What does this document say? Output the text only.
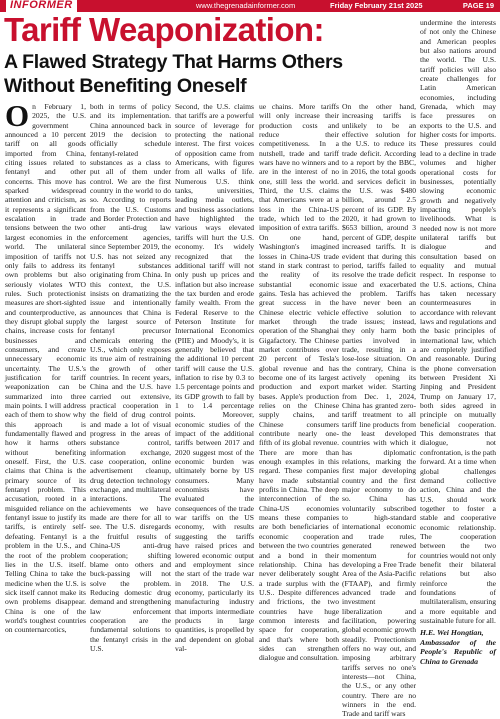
INFORMER	www.thegrenadainformer.com	Friday February 21st 2025	PAGE 19
Tariff Weaponization:
A Flawed Strategy That Harms Others Without Benefiting Oneself

On February 1, 2025, the U.S. government announced a 10 percent tariff on all goods imported from China, citing issues related to fentanyl and other concerns. This move has sparked widespread attention and criticism, as it represents a significant escalation in trade tensions between the two largest economies in the world. The unilateral imposition of tariffs not only fails to address its own problems but also seriously violates WTO rules. Such protectionist measures are short-sighted and counterproductive, as they disrupt global supply chains, increase costs for businesses and consumers, and create unnecessary economic uncertainty. The U.S.'s justification for tariff weaponization can be summarized into three main points. I will address each of them to show why this approach is fundamentally flawed and how it harms others without benefiting oneself. First, the U.S. claims that China is the primary source of its fentanyl problem. This accusation, rooted in a misguided reliance on the fentanyl issue to justify its tariffs, is entirely self-defeating. Fentanyl is a problem in the U.S., and the root of the problem lies in the U.S. itself. Telling China to take the medicine when the U.S. is sick itself cannot make its own problems disappear. China is one of the world's toughest countries on counternarcotics,

both in terms of policy and its implementation. China announced back in 2019 the decision to officially schedule fentanyl-related substances as a class to put all of them under control. We are the first country in the world to do so. According to reports from the U.S. Customs and Border Protection and other anti-drug law enforcement agencies, since September 2019, the U.S. has not seized any fentanyl substances originating from China. In this context, the U.S. insists on dramatizing the issue and intentionally announces that China is the largest source of fentanyl precursor chemicals entering the U.S., which only exposes its true aim of restraining the growth of other countries. In recent years, China and the U.S. have carried out extensive, practical cooperation in the field of drug control and made a lot of visual progress in the areas of substance control, information exchange, case cooperation, online advertisement cleanup, drug detection technology exchange, and multilateral interactions. The achievements we have made are there for all to see. The U.S. disregards the fruitful results of China-US anti-drug cooperation; shifting blame onto others and buck-passing will not solve the problem. Reducing domestic drug demand and strengthening law enforcement cooperation are the fundamental solutions to the fentanyl crisis in the U.S.

Second, the U.S. claims that tariffs are a powerful source of leverage for protecting the national interest. The first voices of opposition came from Americans, with figures from all walks of life. Numerous U.S. think tanks, universities, leading media outlets, and business associations have highlighted the various ways elevated tariffs will hurt the U.S. economy. It's widely recognized that the additional tariff will not only push up prices and inflation but also increase the tax burden and erode family wealth. From the Federal Reserve to the Peterson Institute for International Economics (PIIE) and Moody's, it is generally believed that the additional 10 percent tariff will cause the U.S. inflation to rise by 0.3 to 1.5 percentage points and its GDP growth to fall by 1 to 1.4 percentage points. Moreover, economic studies of the impact of the additional tariffs between 2017 and 2020 suggest most of the economic burden was ultimately borne by US consumers. Many economists have evaluated the consequences of the trade war tariffs on the US economy, with results suggesting the tariffs have raised prices and lowered economic output and employment since the start of the trade war in 2018. The U.S. economy, particularly its manufacturing industry that imports intermediate products in large quantities, is propelled by and dependent on global val-

ue chains. More tariffs will only increase their production costs and reduce their competitiveness. In a nutshell, trade and tariff wars have no winners and are in the interest of no one, still less the world. Third, the U.S. claims that Americans were at a loss in the China-US trade, which led to the imposition of extra tariffs. On one hand, Washington's imagined losses in China-US trade stand in stark contrast to the reality of its substantial economic gains. Tesla has achieved great success in the Chinese electric vehicle market through the operation of the Shanghai Gigafactory. The Chinese market contributes over 20 percent of Tesla's global revenue and has become one of its largest production and export bases. Apple's production relies on the Chinese supply chains, and Chinese consumers contribute nearly one-fifth of its global revenue. There are more than enough examples in this regard. These companies have made substantial profits in China. The deep interconnection of the China-US economies means these companies are both beneficiaries of economic cooperation between the two countries and a bond in their relationship. China has never deliberately sought a trade surplus with the U.S.. Despite differences and frictions, the two countries have huge common interests and space for cooperation, and that's where both sides can strengthen dialogue and consultation.

On the other hand, increasing tariffs is unlikely to be an effective solution for the U.S. to reduce its trade deficit. According to a report by the BBC, in 2016, the total goods and services deficit in the U.S. was $480 billion, around 2.5 percent of its GDP. By 2020, it had grown to $653 billion, around 3 percent of GDP, despite increased tariffs. It is evident that during this period, tariffs failed to resolve the trade deficit issue and exacerbated the problem. Tariffs have never been an effective solution to trade issues; instead, they only harm both parties involved in trade, resulting in a lose-lose situation. On the contrary, China is actively opening its market wider. Starting from Dec. 1, 2024, China has granted zero-tariff treatment to all tariff line products from the least developed countries with which it has diplomatic relations, marking the first major developing country and the first major economy to do so. China has voluntarily subscribed to high-standard international economic and trade rules, generated renewed momentum for developing a Free Trade Area of the Asia-Pacific (FTAAP), and firmly advanced trade and investment liberalization and facilitation, powering global economic growth steadily. Protectionism offers no way out, and imposing arbitrary tariffs serves no one's interests—not China, the U.S., or any other country. There are no winners in the end. Trade and tariff wars

undermine the interests of not only the Chinese and American peoples but also nations around the world. The U.S. tariff policies will also create challenges for Latin American economies, including Grenada, which may face pressures on exports to the U.S. and higher costs for imports. These pressures could lead to a decline in trade volumes and higher operational costs for businesses, potentially slowing economic growth and negatively impacting people's livelihoods. What is needed now is not more unilateral tariffs but dialogue and consultation based on equality and mutual respect. In response to the U.S. actions, China has taken necessary countermeasures in accordance with relevant laws and regulations and the basic principles of international law, which are completely justified and reasonable. During the phone conversation between President Xi Jinping and President Trump on January 17, both sides agreed in principle on mutually beneficial cooperation. This demonstrates that dialogue, not confrontation, is the path forward. At a time when global challenges demand collective action, China and the U.S. should work together to foster a stable and cooperative economic relationship. The cooperation between the two countries would not only benefit their bilateral relations but also reinforce the foundations of multilateralism, ensuring a more equitable and sustainable future for all.

H.E. Wei Hongtian,
Ambassador of the People's Republic of China to Grenada
